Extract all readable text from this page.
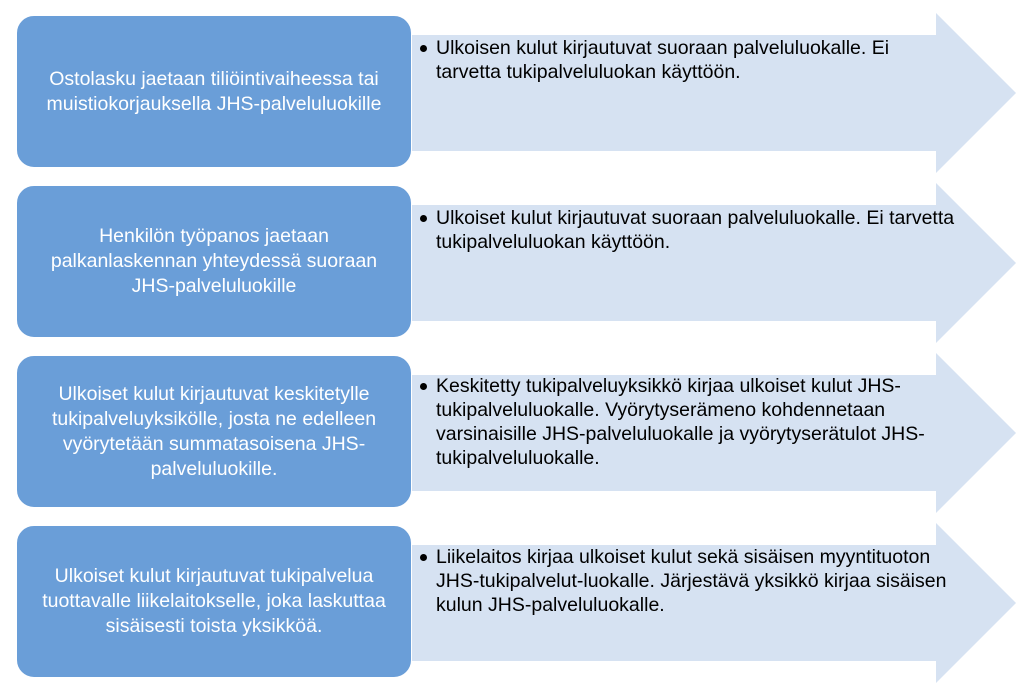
Ostolasku jaetaan tiliöintivaiheessa tai muistiokorjauksella JHS-palveluluokille
Ulkoisen kulut kirjautuvat suoraan palveluluokalle. Ei tarvetta tukipalveluluokan käyttöön.
Henkilön työpanos jaetaan palkanlaskennan yhteydessä suoraan JHS-palveluluokille
Ulkoiset kulut kirjautuvat suoraan palveluluokalle. Ei tarvetta tukipalveluluokan käyttöön.
Ulkoiset kulut kirjautuvat keskitetylle tukipalveluyksikölle, josta ne edelleen vyörytetään summatasoisena JHS-palveluluokille.
Keskitetty tukipalveluyksikkö kirjaa ulkoiset kulut JHS-tukipalveluluokalle. Vyörytyserämeno kohdennetaan varsinaisille JHS-palveluluokalle ja vyörytyserätulot JHS-tukipalveluluokalle.
Ulkoiset kulut kirjautuvat tukipalvelua tuottavalle liikelaitokselle, joka laskuttaa sisäisesti toista yksikköä.
Liikelaitos kirjaa ulkoiset kulut sekä sisäisen myyntituoton JHS-tukipalvelut-luokalle. Järjestävä yksikkö kirjaa sisäisen kulun JHS-palveluluokalle.
